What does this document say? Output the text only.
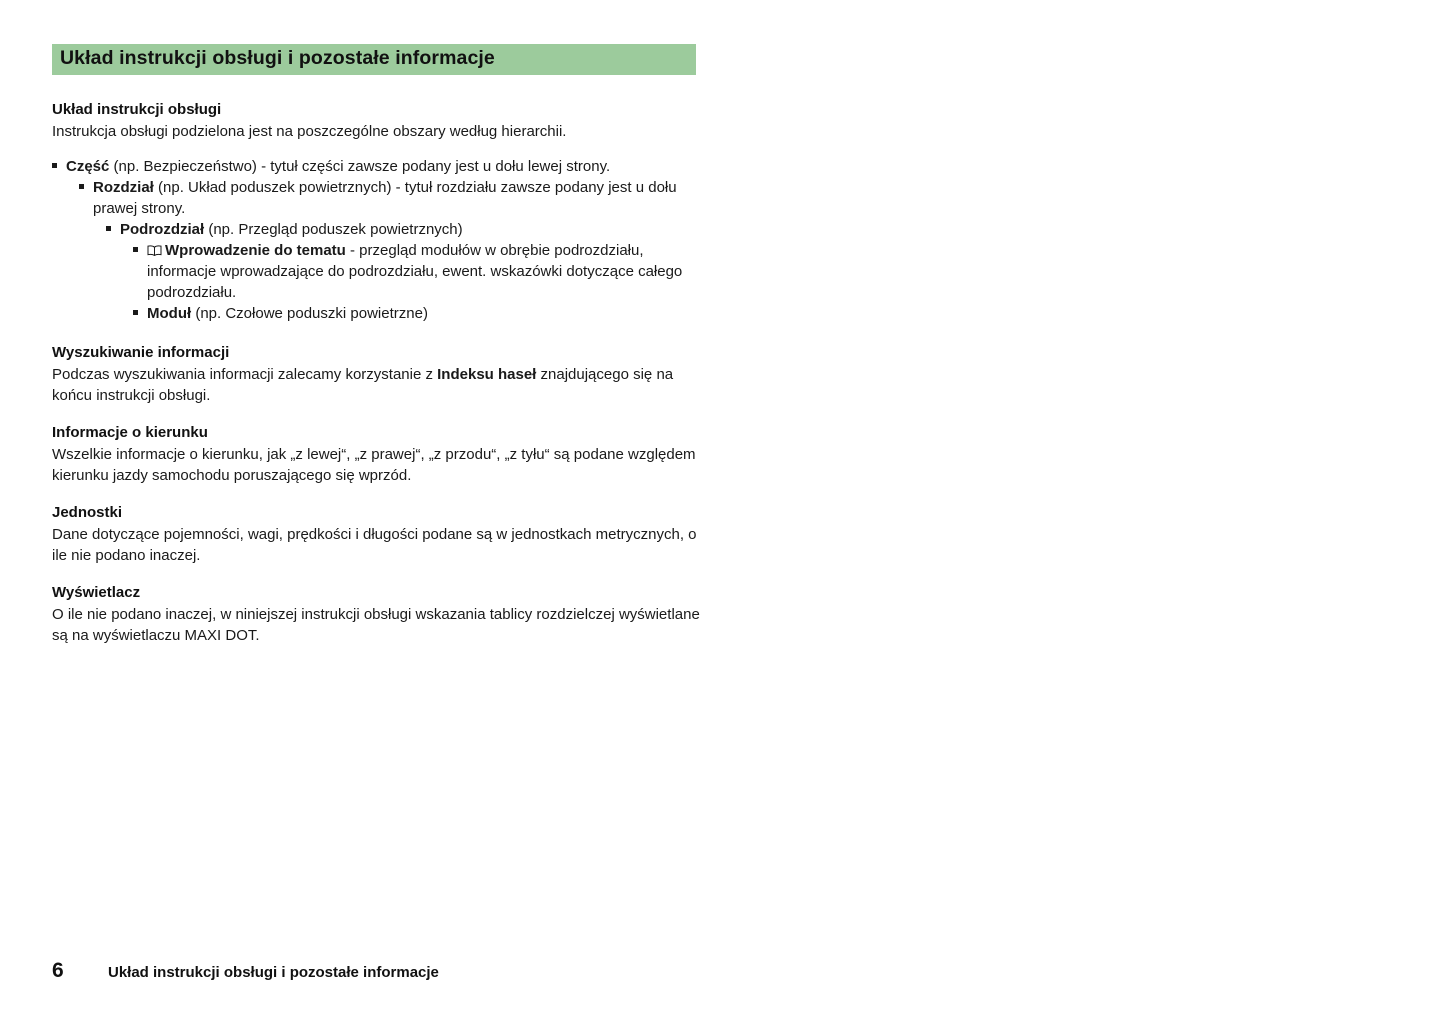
Układ instrukcji obsługi i pozostałe informacje
Układ instrukcji obsługi

Instrukcja obsługi podzielona jest na poszczególne obszary według hierarchii.

Część (np. Bezpieczeństwo) - tytuł części zawsze podany jest u dołu lewej strony.
Rozdział (np. Układ poduszek powietrznych) - tytuł rozdziału zawsze podany jest u dołu prawej strony.
Podrozdział (np. Przegląd poduszek powietrznych)
Wprowadzenie do tematu - przegląd modułów w obrębie podrozdziału, informacje wprowadzające do podrozdziału, ewent. wskazówki dotyczące całego podrozdziału.
Moduł (np. Czołowe poduszki powietrzne)
Wyszukiwanie informacji

Podczas wyszukiwania informacji zalecamy korzystanie z Indeksu haseł znajdującego się na końcu instrukcji obsługi.

Informacje o kierunku

Wszelkie informacje o kierunku, jak „z lewej“, „z prawej“, „z przodu“, „z tyłu“ są podane względem kierunku jazdy samochodu poruszającego się wprzód.

Jednostki

Dane dotyczące pojemności, wagi, prędkości i długości podane są w jednostkach metrycznych, o ile nie podano inaczej.

Wyświetlacz

O ile nie podano inaczej, w niniejszej instrukcji obsługi wskazania tablicy rozdzielczej wyświetlane są na wyświetlaczu MAXI DOT.

6	Układ instrukcji obsługi i pozostałe informacje
